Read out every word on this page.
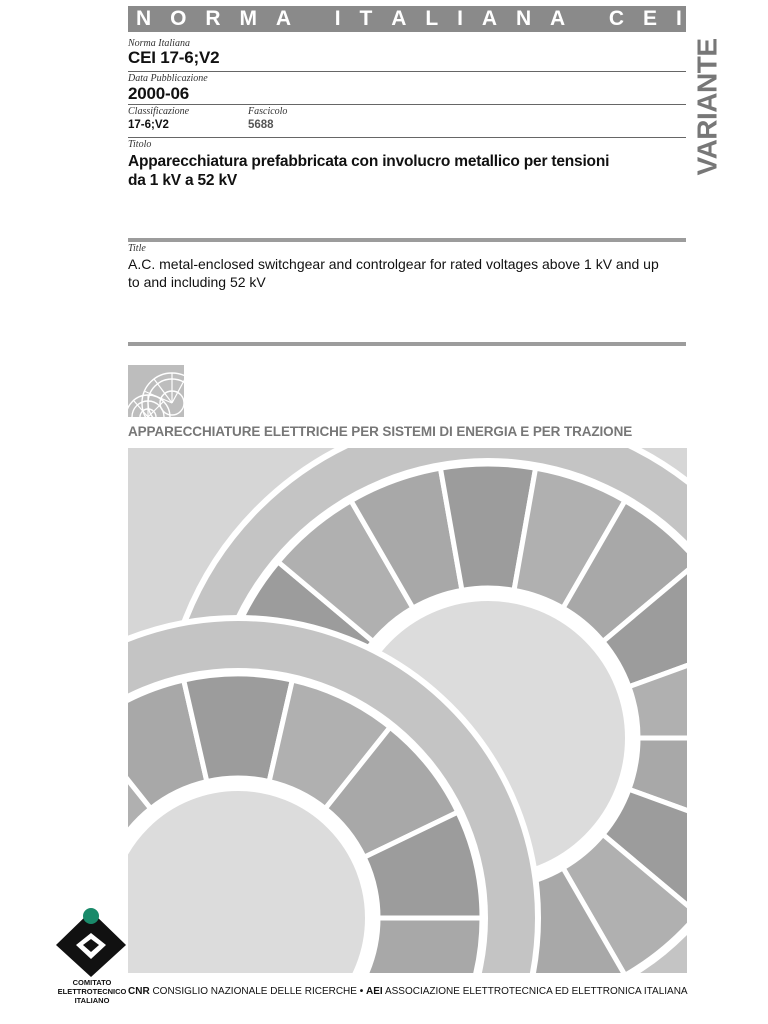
N O R M A
I T A L I A N A
C E I
VARIANTE
Norma Italiana
CEI 17-6;V2
Data Pubblicazione
2000-06
Classificazione
17-6;V2
Fascicolo
5688
Titolo
Apparecchiatura prefabbricata con involucro metallico per tensioni
da 1 kV a 52 kV
Title
A.C. metal-enclosed switchgear and controlgear for rated voltages above 1 kV and up
to and including 52 kV
APPARECCHIATURE ELETTRICHE PER SISTEMI DI ENERGIA E PER TRAZIONE
COMITATO
ELETTROTECNICO
ITALIANO
CNR CONSIGLIO NAZIONALE DELLE RICERCHE • AEI ASSOCIAZIONE ELETTROTECNICA ED ELETTRONICA ITALIANA
